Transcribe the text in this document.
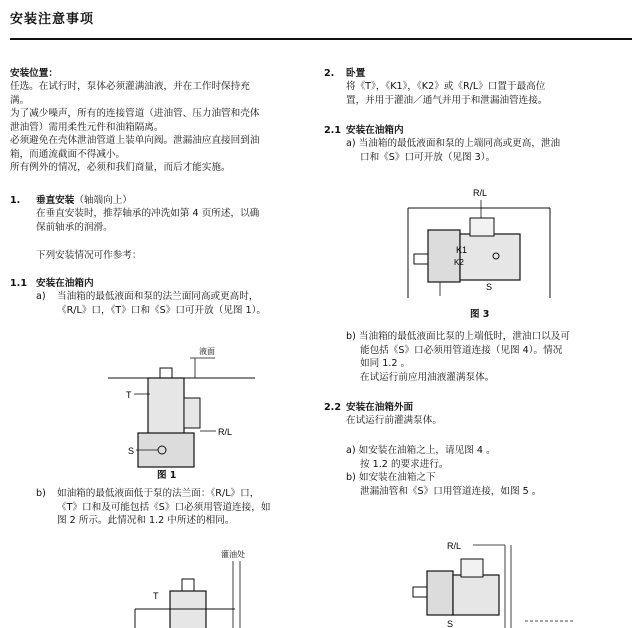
安装注意事项
安装位置：
任选。在试行时，泵体必须灌满油液，并在工作时保持充
满。
为了减少噪声，所有的连接管道（进油管、压力油管和壳体
泄油管）需用柔性元件和油箱隔离。
必须避免在壳体泄油管道上装单向阀。泄漏油应直接回到油
箱，而通流截面不得减小。
所有例外的情况，必须和我们商量，而后才能实施。
1. 垂直安装（轴端向上）
在垂直安装时，推荐轴承的冲洗如第 4 页所述，以确
保前轴承的润滑。
下列安装情况可作参考：
1.1 安装在油箱内
a) 当油箱的最低液面和泵的法兰面同高或更高时，
《R/L》口，《T》口和《S》口可开放（见图 1）。
液面
T
R/L
S
图 1
b) 如油箱的最低液面低于泵的法兰面：《R/L》口，
《T》口和及可能包括《S》口必须用管道连接，如
图 2 所示。此情况和 1.2 中所述的相同。
灌油处
T
2. 卧置
将《T》，《K1》，《K2》或《R/L》口置于最高位
置，并用于灌油／通气并用于和泄漏油管连接。
2.1 安装在油箱内
a) 当油箱的最低液面和泵的上端同高或更高，泄油
口和《S》口可开放（见图 3）。
R/L
K1
K2
S
图 3
b) 当油箱的最低液面比泵的上端低时，泄油口以及可
能包括《S》口必须用管道连接（见图 4）。情况
如同 1.2 。
在试运行前应用油液灌满泵体。
2.2 安装在油箱外面
在试运行前灌满泵体。
a) 如安装在油箱之上，请见图 4 。
按 1.2 的要求进行。
b) 如安装在油箱之下
泄漏油管和《S》口用管道连接，如图 5 。
R/L
S
